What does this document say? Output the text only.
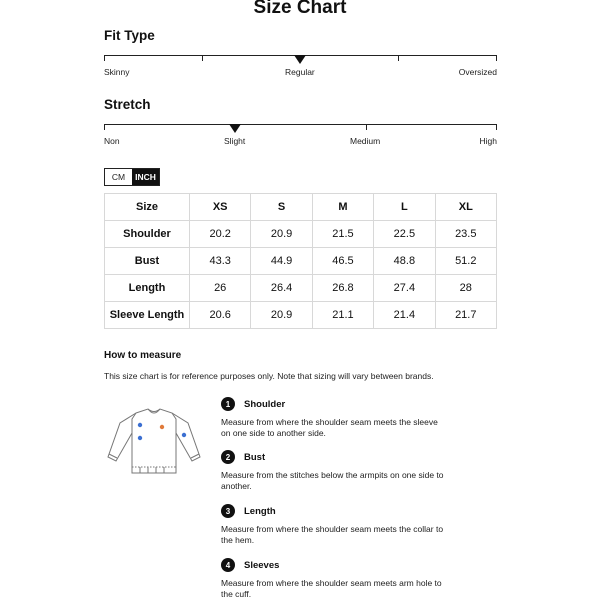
Size Chart
Fit Type
Skinny	Regular	Oversized
Stretch
Non	Slight	Medium	High
CM	INCH
Size	XS	S	M	L	XL
Shoulder	20.2	20.9	21.5	22.5	23.5
Bust	43.3	44.9	46.5	48.8	51.2
Length	26	26.4	26.8	27.4	28
Sleeve Length	20.6	20.9	21.1	21.4	21.7
How to measure
This size chart is for reference purposes only. Note that sizing will vary between brands.
1	Shoulder
Measure from where the shoulder seam meets the sleeve on one side to another side.
2	Bust
Measure from the stitches below the armpits on one side to another.
3	Length
Measure from where the shoulder seam meets the collar to the hem.
4	Sleeves
Measure from where the shoulder seam meets arm hole to the cuff.
